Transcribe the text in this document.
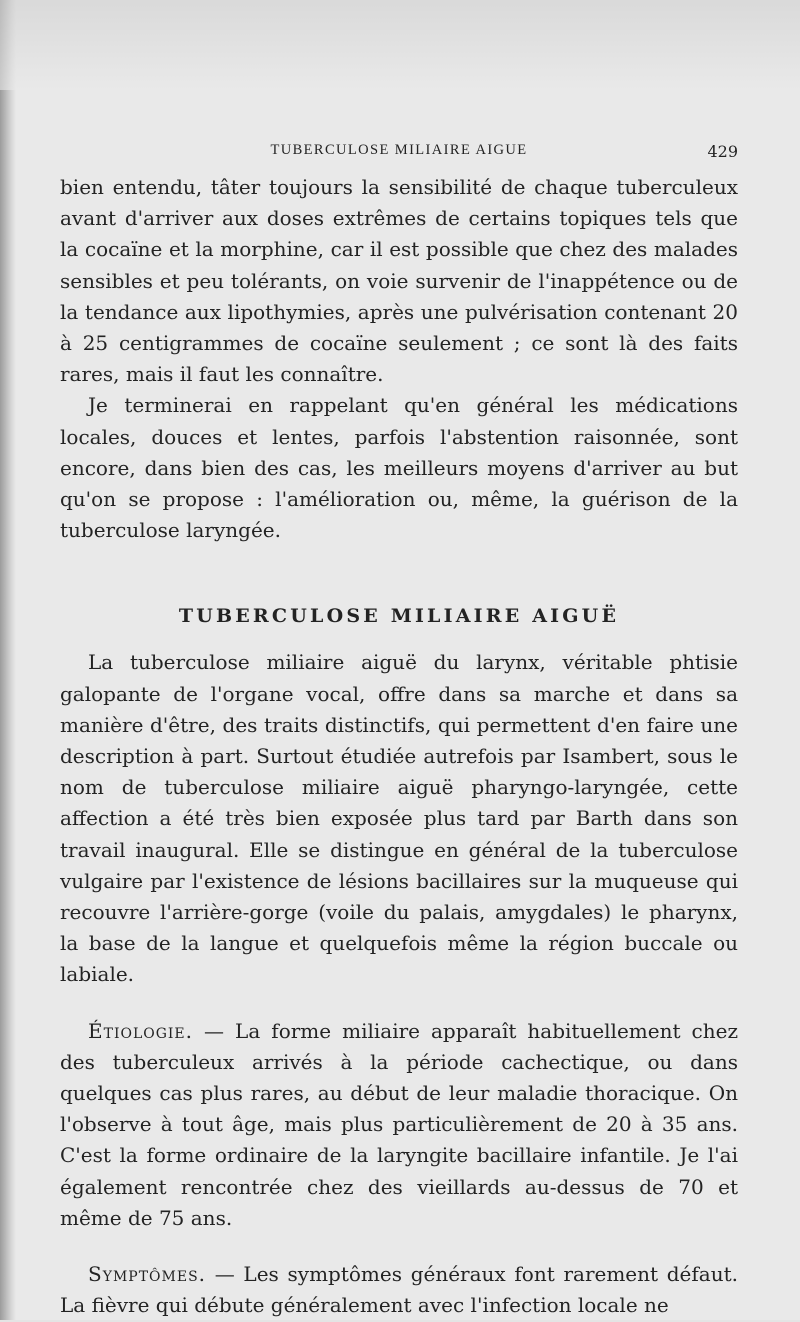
TUBERCULOSE MILIAIRE AIGUE	429

bien entendu, tâter toujours la sensibilité de chaque tuberculeux avant d'arriver aux doses extrêmes de certains topiques tels que la cocaïne et la morphine, car il est possible que chez des malades sensibles et peu tolérants, on voie survenir de l'inappétence ou de la tendance aux lipothymies, après une pulvérisation contenant 20 à 25 centigrammes de cocaïne seulement ; ce sont là des faits rares, mais il faut les connaître.

Je terminerai en rappelant qu'en général les médications locales, douces et lentes, parfois l'abstention raisonnée, sont encore, dans bien des cas, les meilleurs moyens d'arriver au but qu'on se propose : l'amélioration ou, même, la guérison de la tuberculose laryngée.

TUBERCULOSE MILIAIRE AIGUË

La tuberculose miliaire aiguë du larynx, véritable phtisie galopante de l'organe vocal, offre dans sa marche et dans sa manière d'être, des traits distinctifs, qui permettent d'en faire une description à part. Surtout étudiée autrefois par Isambert, sous le nom de tuberculose miliaire aiguë pharyngo-laryngée, cette affection a été très bien exposée plus tard par Barth dans son travail inaugural. Elle se distingue en général de la tuberculose vulgaire par l'existence de lésions bacillaires sur la muqueuse qui recouvre l'arrière-gorge (voile du palais, amygdales) le pharynx, la base de la langue et quelquefois même la région buccale ou labiale.

Étiologie. — La forme miliaire apparaît habituellement chez des tuberculeux arrivés à la période cachectique, ou dans quelques cas plus rares, au début de leur maladie thoracique. On l'observe à tout âge, mais plus particulièrement de 20 à 35 ans. C'est la forme ordinaire de la laryngite bacillaire infantile. Je l'ai également rencontrée chez des vieillards au-dessus de 70 et même de 75 ans.

Symptômes. — Les symptômes généraux font rarement défaut. La fièvre qui débute généralement avec l'infection locale ne
